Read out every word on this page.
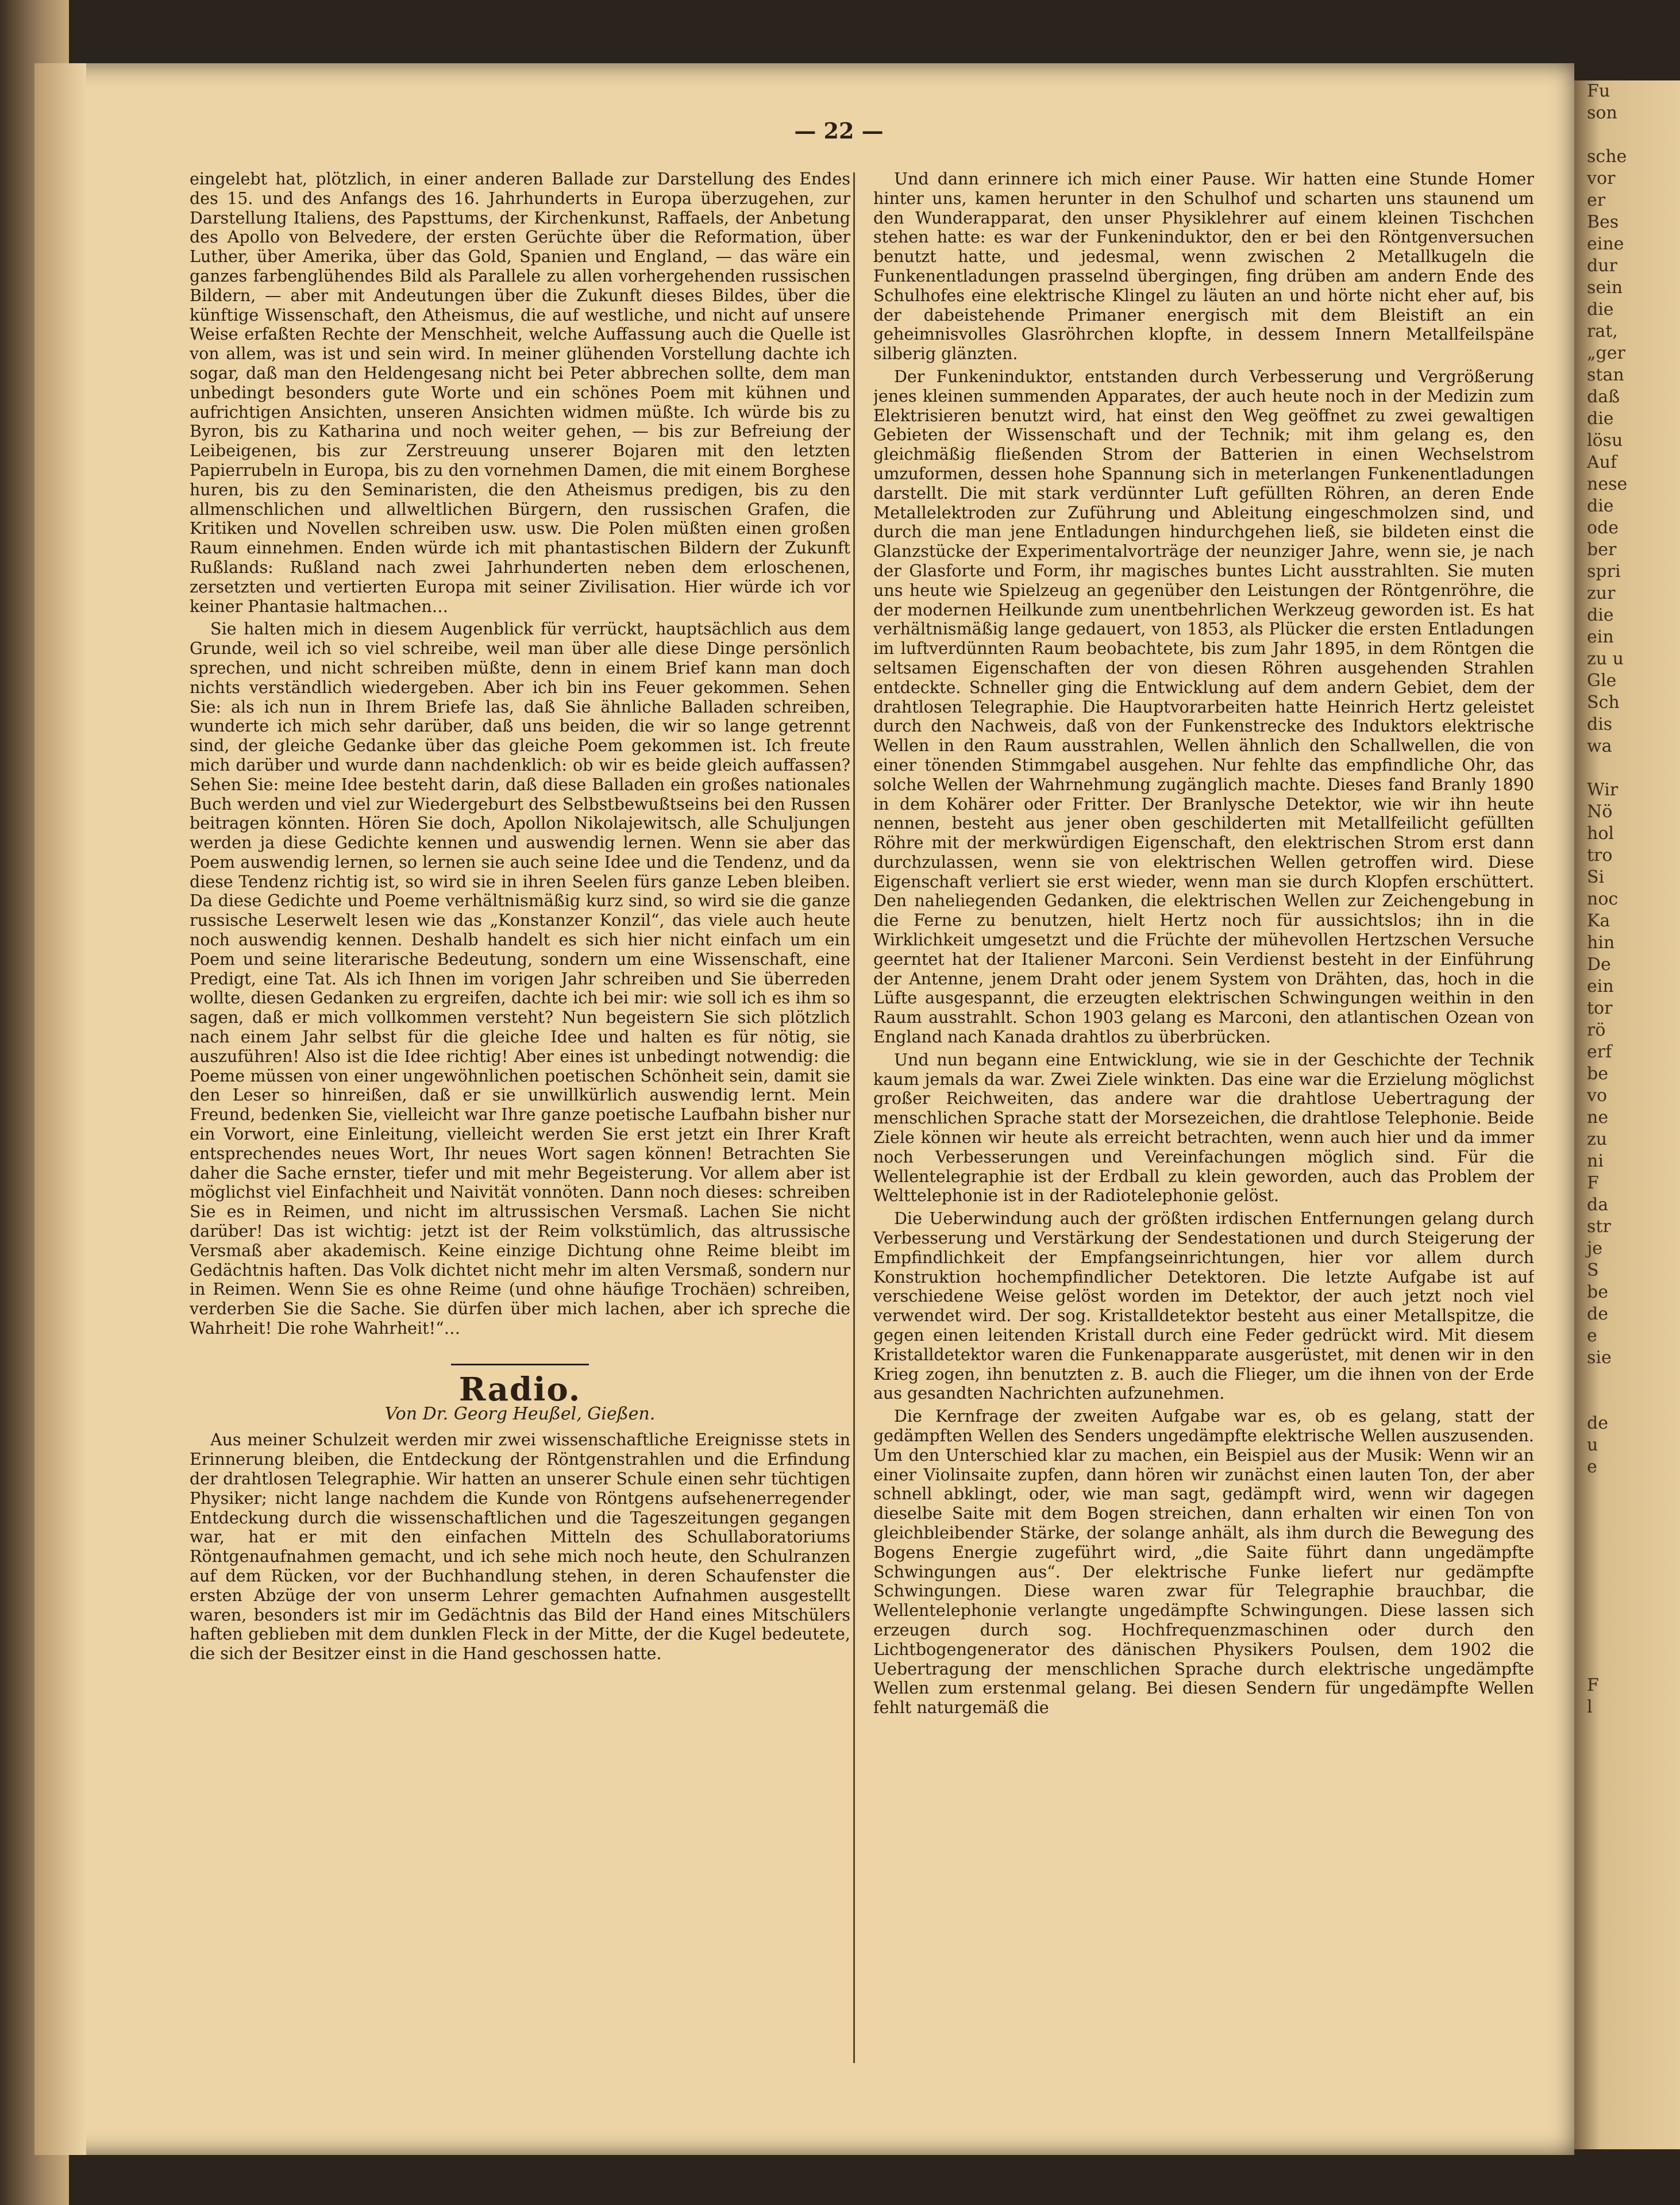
Fu
son

sche
vor
er
Bes
eine
dur
sein
die
rat,
„ger
stan
daß
die
lösu
Auf
nese
die
ode
ber
spri
zur
die
ein
zu u
Gle
Sch
dis
wa

Wir
Nö
hol
tro
Si
noc
Ka
hin
De
ein
tor
rö
erf
be
vo
ne
zu
ni
F
da
str
je
S
be
de
e
sie

de
u
e

F
l
— 22 —

eingelebt hat, plötzlich, in einer anderen Ballade zur Darstellung des Endes des 15. und des Anfangs des 16. Jahrhunderts in Europa überzugehen, zur Darstellung Italiens, des Papsttums, der Kirchenkunst, Raffaels, der Anbetung des Apollo von Belvedere, der ersten Gerüchte über die Reformation, über Luther, über Amerika, über das Gold, Spanien und England, — das wäre ein ganzes farbenglühendes Bild als Parallele zu allen vorhergehenden russischen Bildern, — aber mit Andeutungen über die Zukunft dieses Bildes, über die künftige Wissenschaft, den Atheismus, die auf westliche, und nicht auf unsere Weise erfaßten Rechte der Menschheit, welche Auffassung auch die Quelle ist von allem, was ist und sein wird. In meiner glühenden Vorstellung dachte ich sogar, daß man den Heldengesang nicht bei Peter abbrechen sollte, dem man unbedingt besonders gute Worte und ein schönes Poem mit kühnen und aufrichtigen Ansichten, unseren Ansichten widmen müßte. Ich würde bis zu Byron, bis zu Katharina und noch weiter gehen, — bis zur Befreiung der Leibeigenen, bis zur Zerstreuung unserer Bojaren mit den letzten Papierrubeln in Europa, bis zu den vornehmen Damen, die mit einem Borghese huren, bis zu den Seminaristen, die den Atheismus predigen, bis zu den allmenschlichen und allweltlichen Bürgern, den russischen Grafen, die Kritiken und Novellen schreiben usw. usw. Die Polen müßten einen großen Raum einnehmen. Enden würde ich mit phantastischen Bildern der Zukunft Rußlands: Rußland nach zwei Jahrhunderten neben dem erloschenen, zersetzten und vertierten Europa mit seiner Zivilisation. Hier würde ich vor keiner Phantasie haltmachen…

Sie halten mich in diesem Augenblick für verrückt, hauptsächlich aus dem Grunde, weil ich so viel schreibe, weil man über alle diese Dinge persönlich sprechen, und nicht schreiben müßte, denn in einem Brief kann man doch nichts verständlich wiedergeben. Aber ich bin ins Feuer gekommen. Sehen Sie: als ich nun in Ihrem Briefe las, daß Sie ähnliche Balladen schreiben, wunderte ich mich sehr darüber, daß uns beiden, die wir so lange getrennt sind, der gleiche Gedanke über das gleiche Poem gekommen ist. Ich freute mich darüber und wurde dann nachdenklich: ob wir es beide gleich auffassen? Sehen Sie: meine Idee besteht darin, daß diese Balladen ein großes nationales Buch werden und viel zur Wiedergeburt des Selbstbewußtseins bei den Russen beitragen könnten. Hören Sie doch, Apollon Nikolajewitsch, alle Schuljungen werden ja diese Gedichte kennen und auswendig lernen. Wenn sie aber das Poem auswendig lernen, so lernen sie auch seine Idee und die Tendenz, und da diese Tendenz richtig ist, so wird sie in ihren Seelen fürs ganze Leben bleiben. Da diese Gedichte und Poeme verhältnismäßig kurz sind, so wird sie die ganze russische Leserwelt lesen wie das „Konstanzer Konzil“, das viele auch heute noch auswendig kennen. Deshalb handelt es sich hier nicht einfach um ein Poem und seine literarische Bedeutung, sondern um eine Wissenschaft, eine Predigt, eine Tat. Als ich Ihnen im vorigen Jahr schreiben und Sie überreden wollte, diesen Gedanken zu ergreifen, dachte ich bei mir: wie soll ich es ihm so sagen, daß er mich vollkommen versteht? Nun begeistern Sie sich plötzlich nach einem Jahr selbst für die gleiche Idee und halten es für nötig, sie auszuführen! Also ist die Idee richtig! Aber eines ist unbedingt notwendig: die Poeme müssen von einer ungewöhnlichen poetischen Schönheit sein, damit sie den Leser so hinreißen, daß er sie unwillkürlich auswendig lernt. Mein Freund, bedenken Sie, vielleicht war Ihre ganze poetische Laufbahn bisher nur ein Vorwort, eine Einleitung, vielleicht werden Sie erst jetzt ein Ihrer Kraft entsprechendes neues Wort, Ihr neues Wort sagen können! Betrachten Sie daher die Sache ernster, tiefer und mit mehr Begeisterung. Vor allem aber ist möglichst viel Einfachheit und Naivität vonnöten. Dann noch dieses: schreiben Sie es in Reimen, und nicht im altrussischen Versmaß. Lachen Sie nicht darüber! Das ist wichtig: jetzt ist der Reim volkstümlich, das altrussische Versmaß aber akademisch. Keine einzige Dichtung ohne Reime bleibt im Gedächtnis haften. Das Volk dichtet nicht mehr im alten Versmaß, sondern nur in Reimen. Wenn Sie es ohne Reime (und ohne häufige Trochäen) schreiben, verderben Sie die Sache. Sie dürfen über mich lachen, aber ich spreche die Wahrheit! Die rohe Wahrheit!“…

Radio.
Von Dr. Georg Heußel, Gießen.

Aus meiner Schulzeit werden mir zwei wissenschaftliche Ereignisse stets in Erinnerung bleiben, die Entdeckung der Röntgenstrahlen und die Erfindung der drahtlosen Telegraphie. Wir hatten an unserer Schule einen sehr tüchtigen Physiker; nicht lange nachdem die Kunde von Röntgens aufsehenerregender Entdeckung durch die wissenschaftlichen und die Tageszeitungen gegangen war, hat er mit den einfachen Mitteln des Schullaboratoriums Röntgenaufnahmen gemacht, und ich sehe mich noch heute, den Schulranzen auf dem Rücken, vor der Buchhandlung stehen, in deren Schaufenster die ersten Abzüge der von unserm Lehrer gemachten Aufnahmen ausgestellt waren, besonders ist mir im Gedächtnis das Bild der Hand eines Mitschülers haften geblieben mit dem dunklen Fleck in der Mitte, der die Kugel bedeutete, die sich der Besitzer einst in die Hand geschossen hatte.

Und dann erinnere ich mich einer Pause. Wir hatten eine Stunde Homer hinter uns, kamen herunter in den Schulhof und scharten uns staunend um den Wunderapparat, den unser Physiklehrer auf einem kleinen Tischchen stehen hatte: es war der Funkeninduktor, den er bei den Röntgenversuchen benutzt hatte, und jedesmal, wenn zwischen 2 Metallkugeln die Funkenentladungen prasselnd übergingen, fing drüben am andern Ende des Schulhofes eine elektrische Klingel zu läuten an und hörte nicht eher auf, bis der dabeistehende Primaner energisch mit dem Bleistift an ein geheimnisvolles Glasröhrchen klopfte, in dessem Innern Metallfeilspäne silberig glänzten.

Der Funkeninduktor, entstanden durch Verbesserung und Vergrößerung jenes kleinen summenden Apparates, der auch heute noch in der Medizin zum Elektrisieren benutzt wird, hat einst den Weg geöffnet zu zwei gewaltigen Gebieten der Wissenschaft und der Technik; mit ihm gelang es, den gleichmäßig fließenden Strom der Batterien in einen Wechselstrom umzuformen, dessen hohe Spannung sich in meterlangen Funkenentladungen darstellt. Die mit stark verdünnter Luft gefüllten Röhren, an deren Ende Metallelektroden zur Zuführung und Ableitung eingeschmolzen sind, und durch die man jene Entladungen hindurchgehen ließ, sie bildeten einst die Glanzstücke der Experimentalvorträge der neunziger Jahre, wenn sie, je nach der Glasforte und Form, ihr magisches buntes Licht ausstrahlten. Sie muten uns heute wie Spielzeug an gegenüber den Leistungen der Röntgenröhre, die der modernen Heilkunde zum unentbehrlichen Werkzeug geworden ist. Es hat verhältnismäßig lange gedauert, von 1853, als Plücker die ersten Entladungen im luftverdünnten Raum beobachtete, bis zum Jahr 1895, in dem Röntgen die seltsamen Eigenschaften der von diesen Röhren ausgehenden Strahlen entdeckte. Schneller ging die Entwicklung auf dem andern Gebiet, dem der drahtlosen Telegraphie. Die Hauptvorarbeiten hatte Heinrich Hertz geleistet durch den Nachweis, daß von der Funkenstrecke des Induktors elektrische Wellen in den Raum ausstrahlen, Wellen ähnlich den Schallwellen, die von einer tönenden Stimmgabel ausgehen. Nur fehlte das empfindliche Ohr, das solche Wellen der Wahrnehmung zugänglich machte. Dieses fand Branly 1890 in dem Kohärer oder Fritter. Der Branlysche Detektor, wie wir ihn heute nennen, besteht aus jener oben geschilderten mit Metallfeilicht gefüllten Röhre mit der merkwürdigen Eigenschaft, den elektrischen Strom erst dann durchzulassen, wenn sie von elektrischen Wellen getroffen wird. Diese Eigenschaft verliert sie erst wieder, wenn man sie durch Klopfen erschüttert. Den naheliegenden Gedanken, die elektrischen Wellen zur Zeichengebung in die Ferne zu benutzen, hielt Hertz noch für aussichtslos; ihn in die Wirklichkeit umgesetzt und die Früchte der mühevollen Hertzschen Versuche geerntet hat der Italiener Marconi. Sein Verdienst besteht in der Einführung der Antenne, jenem Draht oder jenem System von Drähten, das, hoch in die Lüfte ausgespannt, die erzeugten elektrischen Schwingungen weithin in den Raum ausstrahlt. Schon 1903 gelang es Marconi, den atlantischen Ozean von England nach Kanada drahtlos zu überbrücken.

Und nun begann eine Entwicklung, wie sie in der Geschichte der Technik kaum jemals da war. Zwei Ziele winkten. Das eine war die Erzielung möglichst großer Reichweiten, das andere war die drahtlose Uebertragung der menschlichen Sprache statt der Morsezeichen, die drahtlose Telephonie. Beide Ziele können wir heute als erreicht betrachten, wenn auch hier und da immer noch Verbesserungen und Vereinfachungen möglich sind. Für die Wellentelegraphie ist der Erdball zu klein geworden, auch das Problem der Welttelephonie ist in der Radiotelephonie gelöst.

Die Ueberwindung auch der größten irdischen Entfernungen gelang durch Verbesserung und Verstärkung der Sendestationen und durch Steigerung der Empfindlichkeit der Empfangseinrichtungen, hier vor allem durch Konstruktion hochempfindlicher Detektoren. Die letzte Aufgabe ist auf verschiedene Weise gelöst worden im Detektor, der auch jetzt noch viel verwendet wird. Der sog. Kristalldetektor besteht aus einer Metallspitze, die gegen einen leitenden Kristall durch eine Feder gedrückt wird. Mit diesem Kristalldetektor waren die Funkenapparate ausgerüstet, mit denen wir in den Krieg zogen, ihn benutzten z. B. auch die Flieger, um die ihnen von der Erde aus gesandten Nachrichten aufzunehmen.

Die Kernfrage der zweiten Aufgabe war es, ob es gelang, statt der gedämpften Wellen des Senders ungedämpfte elektrische Wellen auszusenden. Um den Unterschied klar zu machen, ein Beispiel aus der Musik: Wenn wir an einer Violinsaite zupfen, dann hören wir zunächst einen lauten Ton, der aber schnell abklingt, oder, wie man sagt, gedämpft wird, wenn wir dagegen dieselbe Saite mit dem Bogen streichen, dann erhalten wir einen Ton von gleichbleibender Stärke, der solange anhält, als ihm durch die Bewegung des Bogens Energie zugeführt wird, „die Saite führt dann ungedämpfte Schwingungen aus“. Der elektrische Funke liefert nur gedämpfte Schwingungen. Diese waren zwar für Telegraphie brauchbar, die Wellentelephonie verlangte ungedämpfte Schwingungen. Diese lassen sich erzeugen durch sog. Hochfrequenzmaschinen oder durch den Lichtbogengenerator des dänischen Physikers Poulsen, dem 1902 die Uebertragung der menschlichen Sprache durch elektrische ungedämpfte Wellen zum erstenmal gelang. Bei diesen Sendern für ungedämpfte Wellen fehlt naturgemäß die
